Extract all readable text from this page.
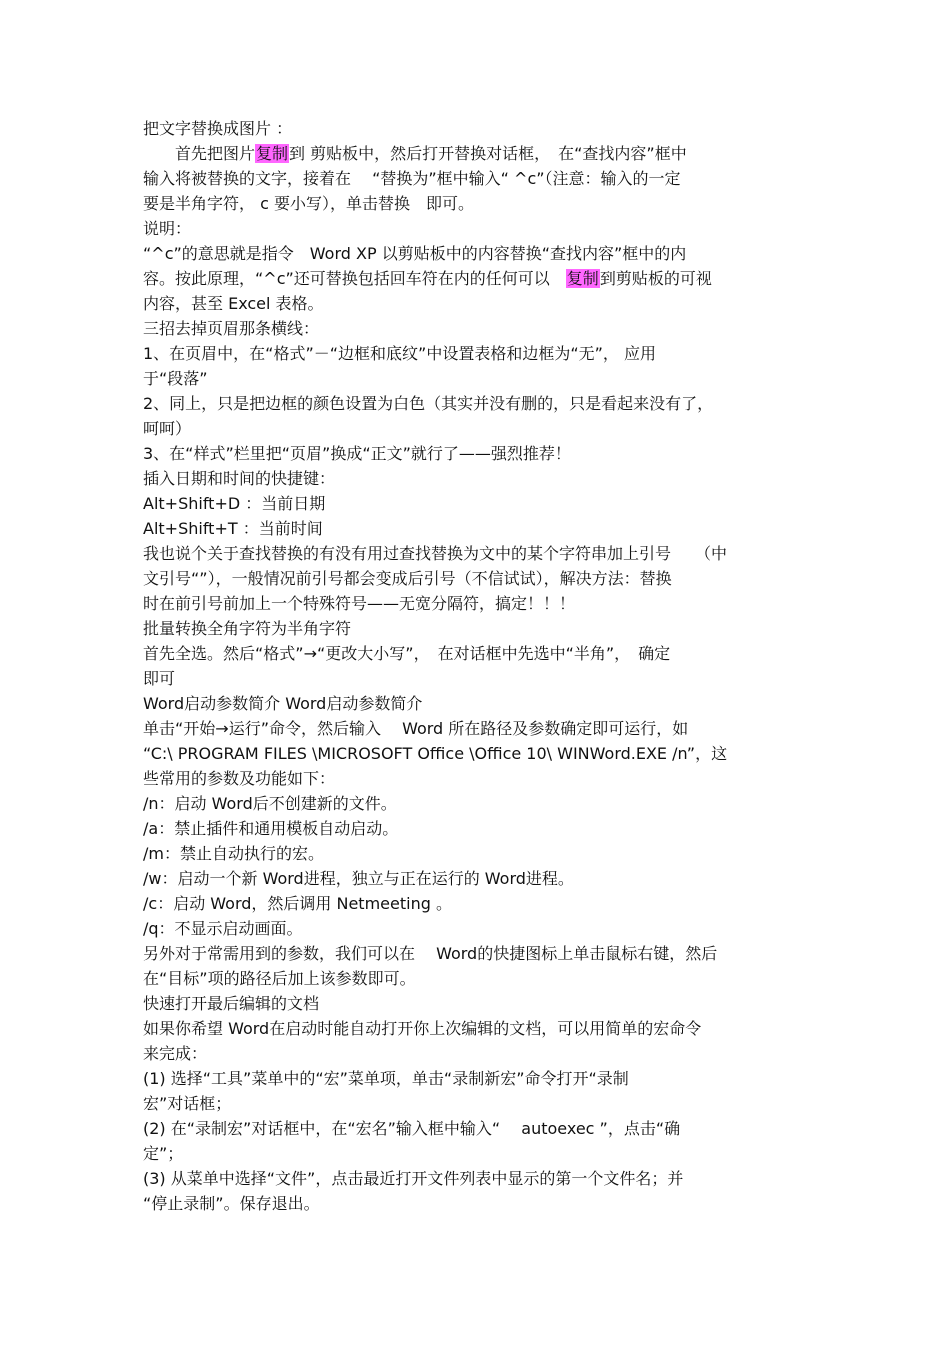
把文字替换成图片 ：
　　首先把图片复制到 剪贴板中，然后打开替换对话框，　在“查找内容”框中
输入将被替换的文字，接着在　 “替换为”框中输入“ ^c”（注意：输入的一定
要是半角字符， c 要小写），单击替换　即可。
说明：
“^c”的意思就是指令　Word XP 以剪贴板中的内容替换“查找内容”框中的内
容。按此原理，“^c”还可替换包括回车符在内的任何可以　复制到剪贴板的可视
内容，甚至 Excel 表格。
三招去掉页眉那条横线：
1、在页眉中，在“格式”－“边框和底纹”中设置表格和边框为“无”， 应用
于“段落”
2、同上，只是把边框的颜色设置为白色（其实并没有删的，只是看起来没有了，
呵呵）
3、在“样式”栏里把“页眉”换成“正文”就行了——强烈推荐！
插入日期和时间的快捷键：
Alt+Shift+D ：当前日期
Alt+Shift+T ：当前时间
我也说个关于查找替换的有没有用过查找替换为文中的某个字符串加上引号　　（中
文引号“”），一般情况前引号都会变成后引号（不信试试），解决方法：替换
时在前引号前加上一个特殊符号——无宽分隔符，搞定！！！
批量转换全角字符为半角字符
首先全选。然后“格式”→“更改大小写”，　在对话框中先选中“半角”，　确定
即可
Word启动参数简介 Word启动参数简介
单击“开始→运行”命令，然后输入　 Word 所在路径及参数确定即可运行，如
“C:\ PROGRAM FILES \MICROSOFT Office \Office 10\ WINWord.EXE /n”，这
些常用的参数及功能如下：
/n：启动 Word后不创建新的文件。
/a：禁止插件和通用模板自动启动。
/m：禁止自动执行的宏。
/w：启动一个新 Word进程，独立与正在运行的 Word进程。
/c：启动 Word，然后调用 Netmeeting 。
/q：不显示启动画面。
另外对于常需用到的参数，我们可以在　 Word的快捷图标上单击鼠标右键，然后
在“目标”项的路径后加上该参数即可。
快速打开最后编辑的文档
如果你希望 Word在启动时能自动打开你上次编辑的文档，可以用简单的宏命令
来完成：
(1) 选择“工具”菜单中的“宏”菜单项，单击“录制新宏”命令打开“录制
宏”对话框；
(2) 在“录制宏”对话框中，在“宏名”输入框中输入“　 autoexec ”，点击“确
定”；
(3) 从菜单中选择“文件”，点击最近打开文件列表中显示的第一个文件名；并
“停止录制”。保存退出。
